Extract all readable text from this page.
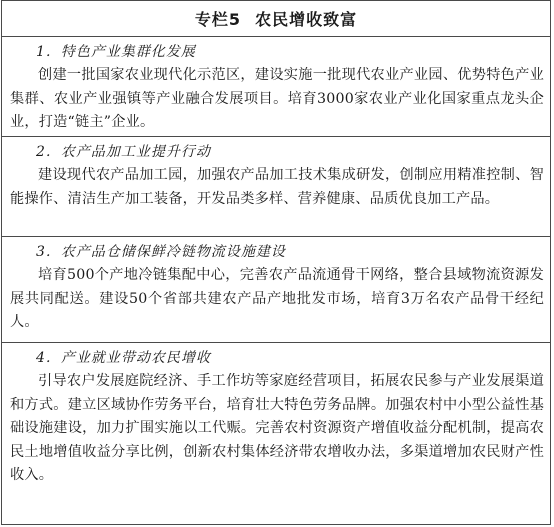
专栏5 农民增收致富
1．特色产业集群化发展

创建一批国家农业现代化示范区，建设实施一批现代农业产业园、优势特色产业集群、农业产业强镇等产业融合发展项目。培育3000家农业产业化国家重点龙头企业，打造“链主”企业。

2．农产品加工业提升行动

建设现代农产品加工园，加强农产品加工技术集成研发，创制应用精准控制、智能操作、清洁生产加工装备，开发品类多样、营养健康、品质优良加工产品。

3．农产品仓储保鲜冷链物流设施建设

培育500个产地冷链集配中心，完善农产品流通骨干网络，整合县域物流资源发展共同配送。建设50个省部共建农产品产地批发市场，培育3万名农产品骨干经纪人。

4．产业就业带动农民增收

引导农户发展庭院经济、手工作坊等家庭经营项目，拓展农民参与产业发展渠道和方式。建立区域协作劳务平台，培育壮大特色劳务品牌。加强农村中小型公益性基础设施建设，加力扩围实施以工代赈。完善农村资源资产增值收益分配机制，提高农民土地增值收益分享比例，创新农村集体经济带农增收办法，多渠道增加农民财产性收入。
